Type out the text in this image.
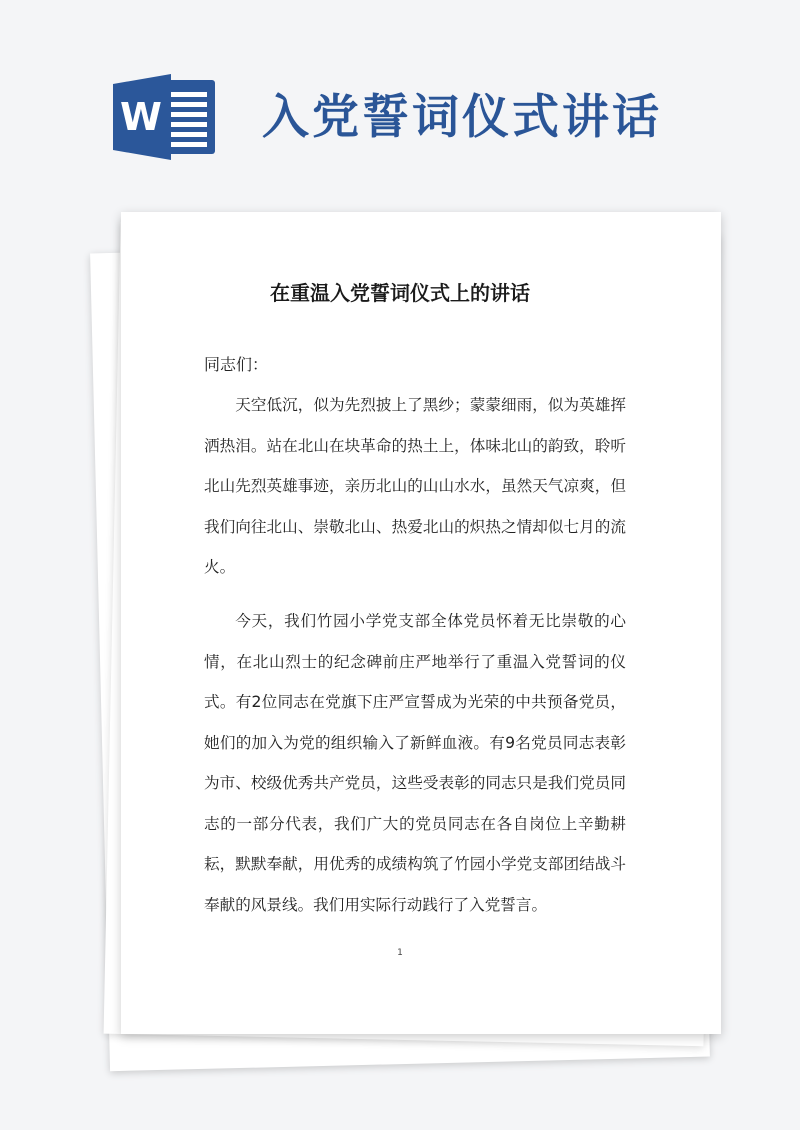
W 入党誓词仪式讲话
在重温入党誓词仪式上的讲话
同志们：

天空低沉，似为先烈披上了黑纱；蒙蒙细雨，似为英雄挥洒热泪。站在北山在块革命的热土上，体味北山的韵致，聆听北山先烈英雄事迹，亲历北山的山山水水，虽然天气凉爽，但我们向往北山、崇敬北山、热爱北山的炽热之情却似七月的流火。

今天，我们竹园小学党支部全体党员怀着无比崇敬的心情，在北山烈士的纪念碑前庄严地举行了重温入党誓词的仪式。有2位同志在党旗下庄严宣誓成为光荣的中共预备党员，她们的加入为党的组织输入了新鲜血液。有9名党员同志表彰为市、校级优秀共产党员，这些受表彰的同志只是我们党员同志的一部分代表，我们广大的党员同志在各自岗位上辛勤耕耘，默默奉献，用优秀的成绩构筑了竹园小学党支部团结战斗奉献的风景线。我们用实际行动践行了入党誓言。

1
